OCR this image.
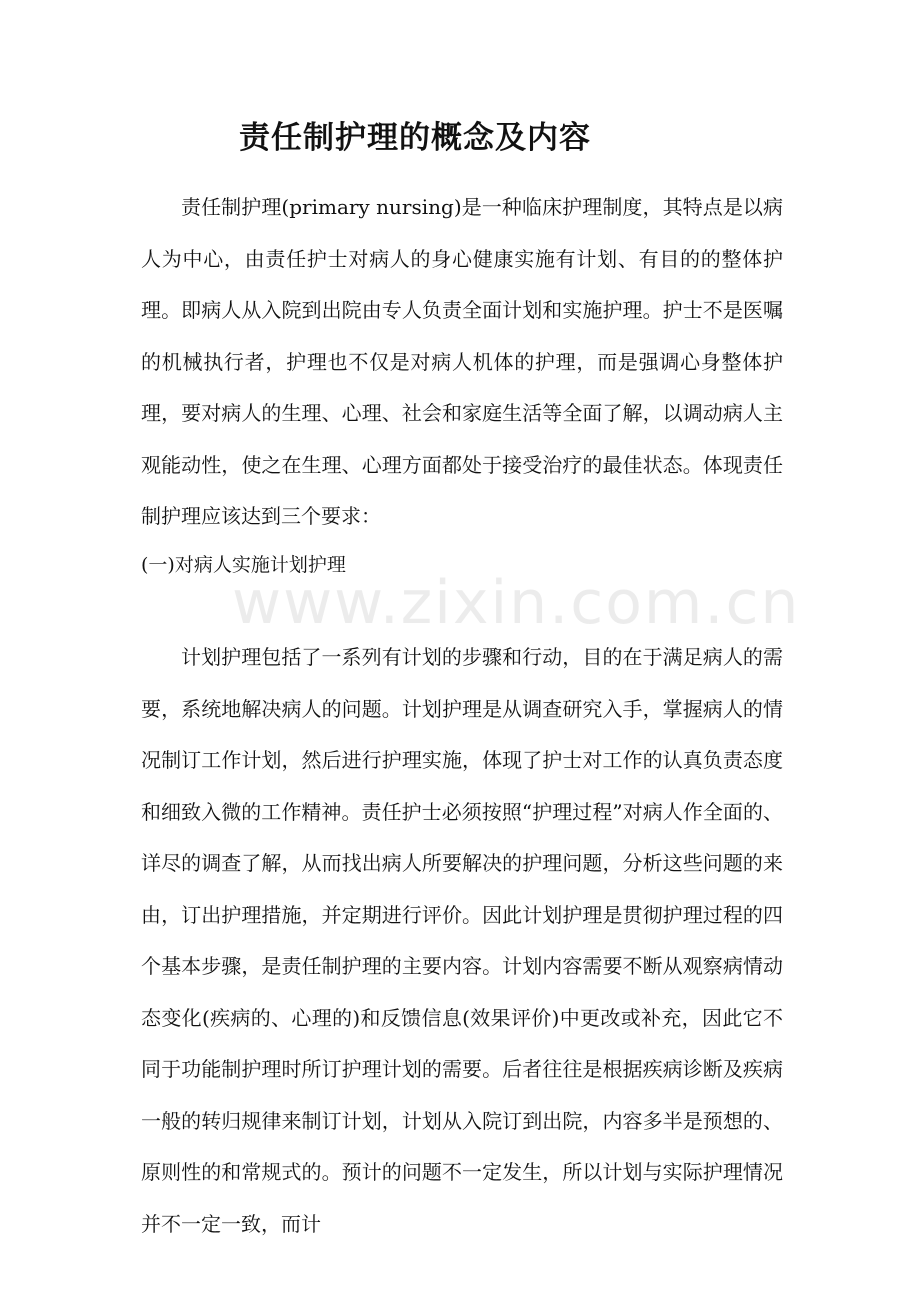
责任制护理的概念及内容

责任制护理(primary nursing)是一种临床护理制度，其特点是以病人为中心，由责任护士对病人的身心健康实施有计划、有目的的整体护理。即病人从入院到出院由专人负责全面计划和实施护理。护士不是医嘱的机械执行者，护理也不仅是对病人机体的护理，而是强调心身整体护理，要对病人的生理、心理、社会和家庭生活等全面了解，以调动病人主观能动性，使之在生理、心理方面都处于接受治疗的最佳状态。体现责任制护理应该达到三个要求：

(一)对病人实施计划护理

计划护理包括了一系列有计划的步骤和行动，目的在于满足病人的需要，系统地解决病人的问题。计划护理是从调查研究入手，掌握病人的情况制订工作计划，然后进行护理实施，体现了护士对工作的认真负责态度和细致入微的工作精神。责任护士必须按照“护理过程”对病人作全面的、详尽的调查了解，从而找出病人所要解决的护理问题，分析这些问题的来由，订出护理措施，并定期进行评价。因此计划护理是贯彻护理过程的四个基本步骤，是责任制护理的主要内容。计划内容需要不断从观察病情动态变化(疾病的、心理的)和反馈信息(效果评价)中更改或补充，因此它不同于功能制护理时所订护理计划的需要。后者往往是根据疾病诊断及疾病一般的转归规律来制订计划，计划从入院订到出院，内容多半是预想的、原则性的和常规式的。预计的问题不一定发生，所以计划与实际护理情况并不一定一致，而计

www.zixin.com.cn
